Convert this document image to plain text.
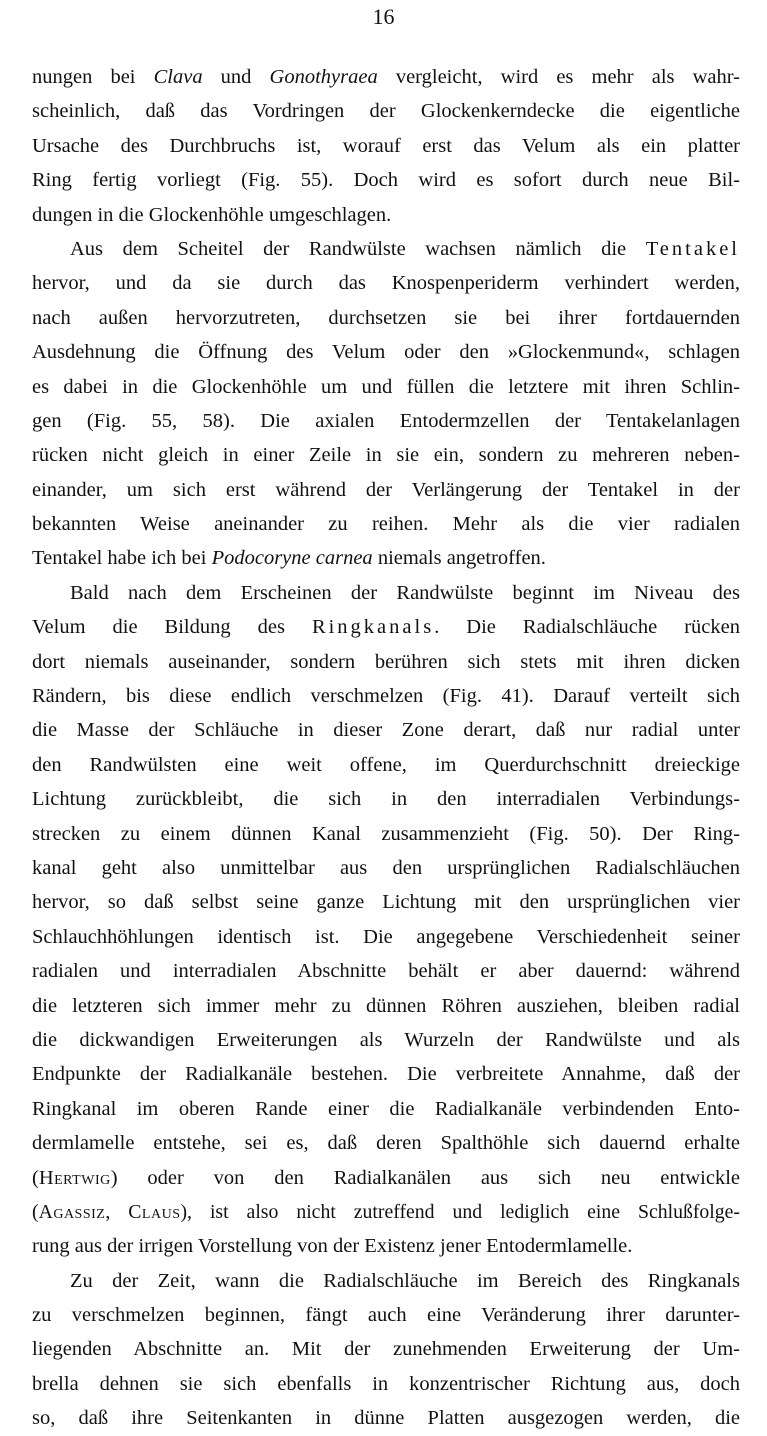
16
nungen bei Clava und Gonothyraea vergleicht, wird es mehr als wahr-
scheinlich, daß das Vordringen der Glockenkerndecke die eigentliche
Ursache des Durchbruchs ist, worauf erst das Velum als ein platter
Ring fertig vorliegt (Fig. 55). Doch wird es sofort durch neue Bil-
dungen in die Glockenhöhle umgeschlagen.
Aus dem Scheitel der Randwülste wachsen nämlich die Tentakel
hervor, und da sie durch das Knospenperiderm verhindert werden,
nach außen hervorzutreten, durchsetzen sie bei ihrer fortdauernden
Ausdehnung die Öffnung des Velum oder den »Glockenmund«, schlagen
es dabei in die Glockenhöhle um und füllen die letztere mit ihren Schlin-
gen (Fig. 55, 58). Die axialen Entodermzellen der Tentakelanlagen
rücken nicht gleich in einer Zeile in sie ein, sondern zu mehreren neben-
einander, um sich erst während der Verlängerung der Tentakel in der
bekannten Weise aneinander zu reihen. Mehr als die vier radialen
Tentakel habe ich bei Podocoryne carnea niemals angetroffen.
Bald nach dem Erscheinen der Randwülste beginnt im Niveau des
Velum die Bildung des Ringkanals. Die Radialschläuche rücken
dort niemals auseinander, sondern berühren sich stets mit ihren dicken
Rändern, bis diese endlich verschmelzen (Fig. 41). Darauf verteilt sich
die Masse der Schläuche in dieser Zone derart, daß nur radial unter
den Randwülsten eine weit offene, im Querdurchschnitt dreieckige
Lichtung zurückbleibt, die sich in den interradialen Verbindungs-
strecken zu einem dünnen Kanal zusammenzieht (Fig. 50). Der Ring-
kanal geht also unmittelbar aus den ursprünglichen Radialschläuchen
hervor, so daß selbst seine ganze Lichtung mit den ursprünglichen vier
Schlauchhöhlungen identisch ist. Die angegebene Verschiedenheit seiner
radialen und interradialen Abschnitte behält er aber dauernd: während
die letzteren sich immer mehr zu dünnen Röhren ausziehen, bleiben radial
die dickwandigen Erweiterungen als Wurzeln der Randwülste und als
Endpunkte der Radialkanäle bestehen. Die verbreitete Annahme, daß der
Ringkanal im oberen Rande einer die Radialkanäle verbindenden Ento-
dermlamelle entstehe, sei es, daß deren Spalthöhle sich dauernd erhalte
(Hertwig) oder von den Radialkanälen aus sich neu entwickle
(Agassiz, Claus), ist also nicht zutreffend und lediglich eine Schlußfolge-
rung aus der irrigen Vorstellung von der Existenz jener Entodermlamelle.
Zu der Zeit, wann die Radialschläuche im Bereich des Ringkanals
zu verschmelzen beginnen, fängt auch eine Veränderung ihrer darunter-
liegenden Abschnitte an. Mit der zunehmenden Erweiterung der Um-
brella dehnen sie sich ebenfalls in konzentrischer Richtung aus, doch
so, daß ihre Seitenkanten in dünne Platten ausgezogen werden, die
